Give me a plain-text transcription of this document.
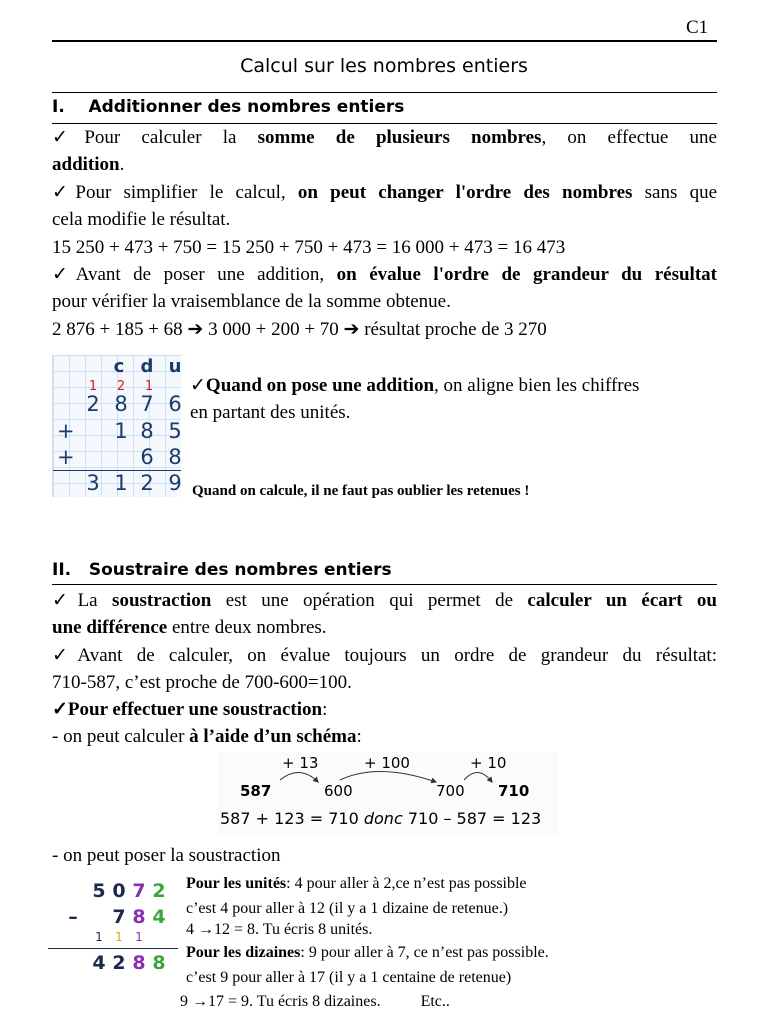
C1
Calcul sur les nombres entiers
I.    Additionner des nombres entiers
✓Pour calculer la somme de plusieurs nombres, on effectue une
addition.
✓Pour simplifier le calcul, on peut changer l'ordre des nombres sans que
cela modifie le résultat.
15 250 + 473 + 750 = 15 250 + 750 + 473 = 16 000 + 473 = 16 473
✓Avant de poser une addition, on évalue l'ordre de grandeur du résultat
pour vérifier la vraisemblance de la somme obtenue.
2 876 + 185 + 68 ➔ 3 000 + 200 + 70 ➔ résultat proche de 3 270
c d u
1	2	1
2 8 7 6
+ 1 8 5
+	6 8
3 1 2 9
✓Quand on pose une addition, on aligne bien les chiffres
en partant des unités.
Quand on calcule, il ne faut pas oublier les retenues !
II.   Soustraire des nombres entiers
✓La soustraction est une opération qui permet de calculer un écart ou
une différence entre deux nombres.
✓Avant de calculer, on évalue toujours un ordre de grandeur du résultat:
710-587, c’est proche de 700-600=100.
✓Pour effectuer une soustraction:
- on peut calculer à l’aide d’un schéma:
+ 13	+ 100	+ 10
587	600	700 710
587 + 123 = 710 donc 710 – 587 = 123
- on peut poser la soustraction
5 0 7 2
– 7 8 4
1	1	1
4 2 8 8
Pour les unités: 4 pour aller à 2,ce n’est pas possible
c’est 4 pour aller à 12 (il y a 1 dizaine de retenue.)
4 →12 = 8. Tu écris 8 unités.
Pour les dizaines: 9 pour aller à 7, ce n’est pas possible.
c’est 9 pour aller à 17 (il y a 1 centaine de retenue)
9 →17 = 9. Tu écris 8 dizaines.	Etc..
